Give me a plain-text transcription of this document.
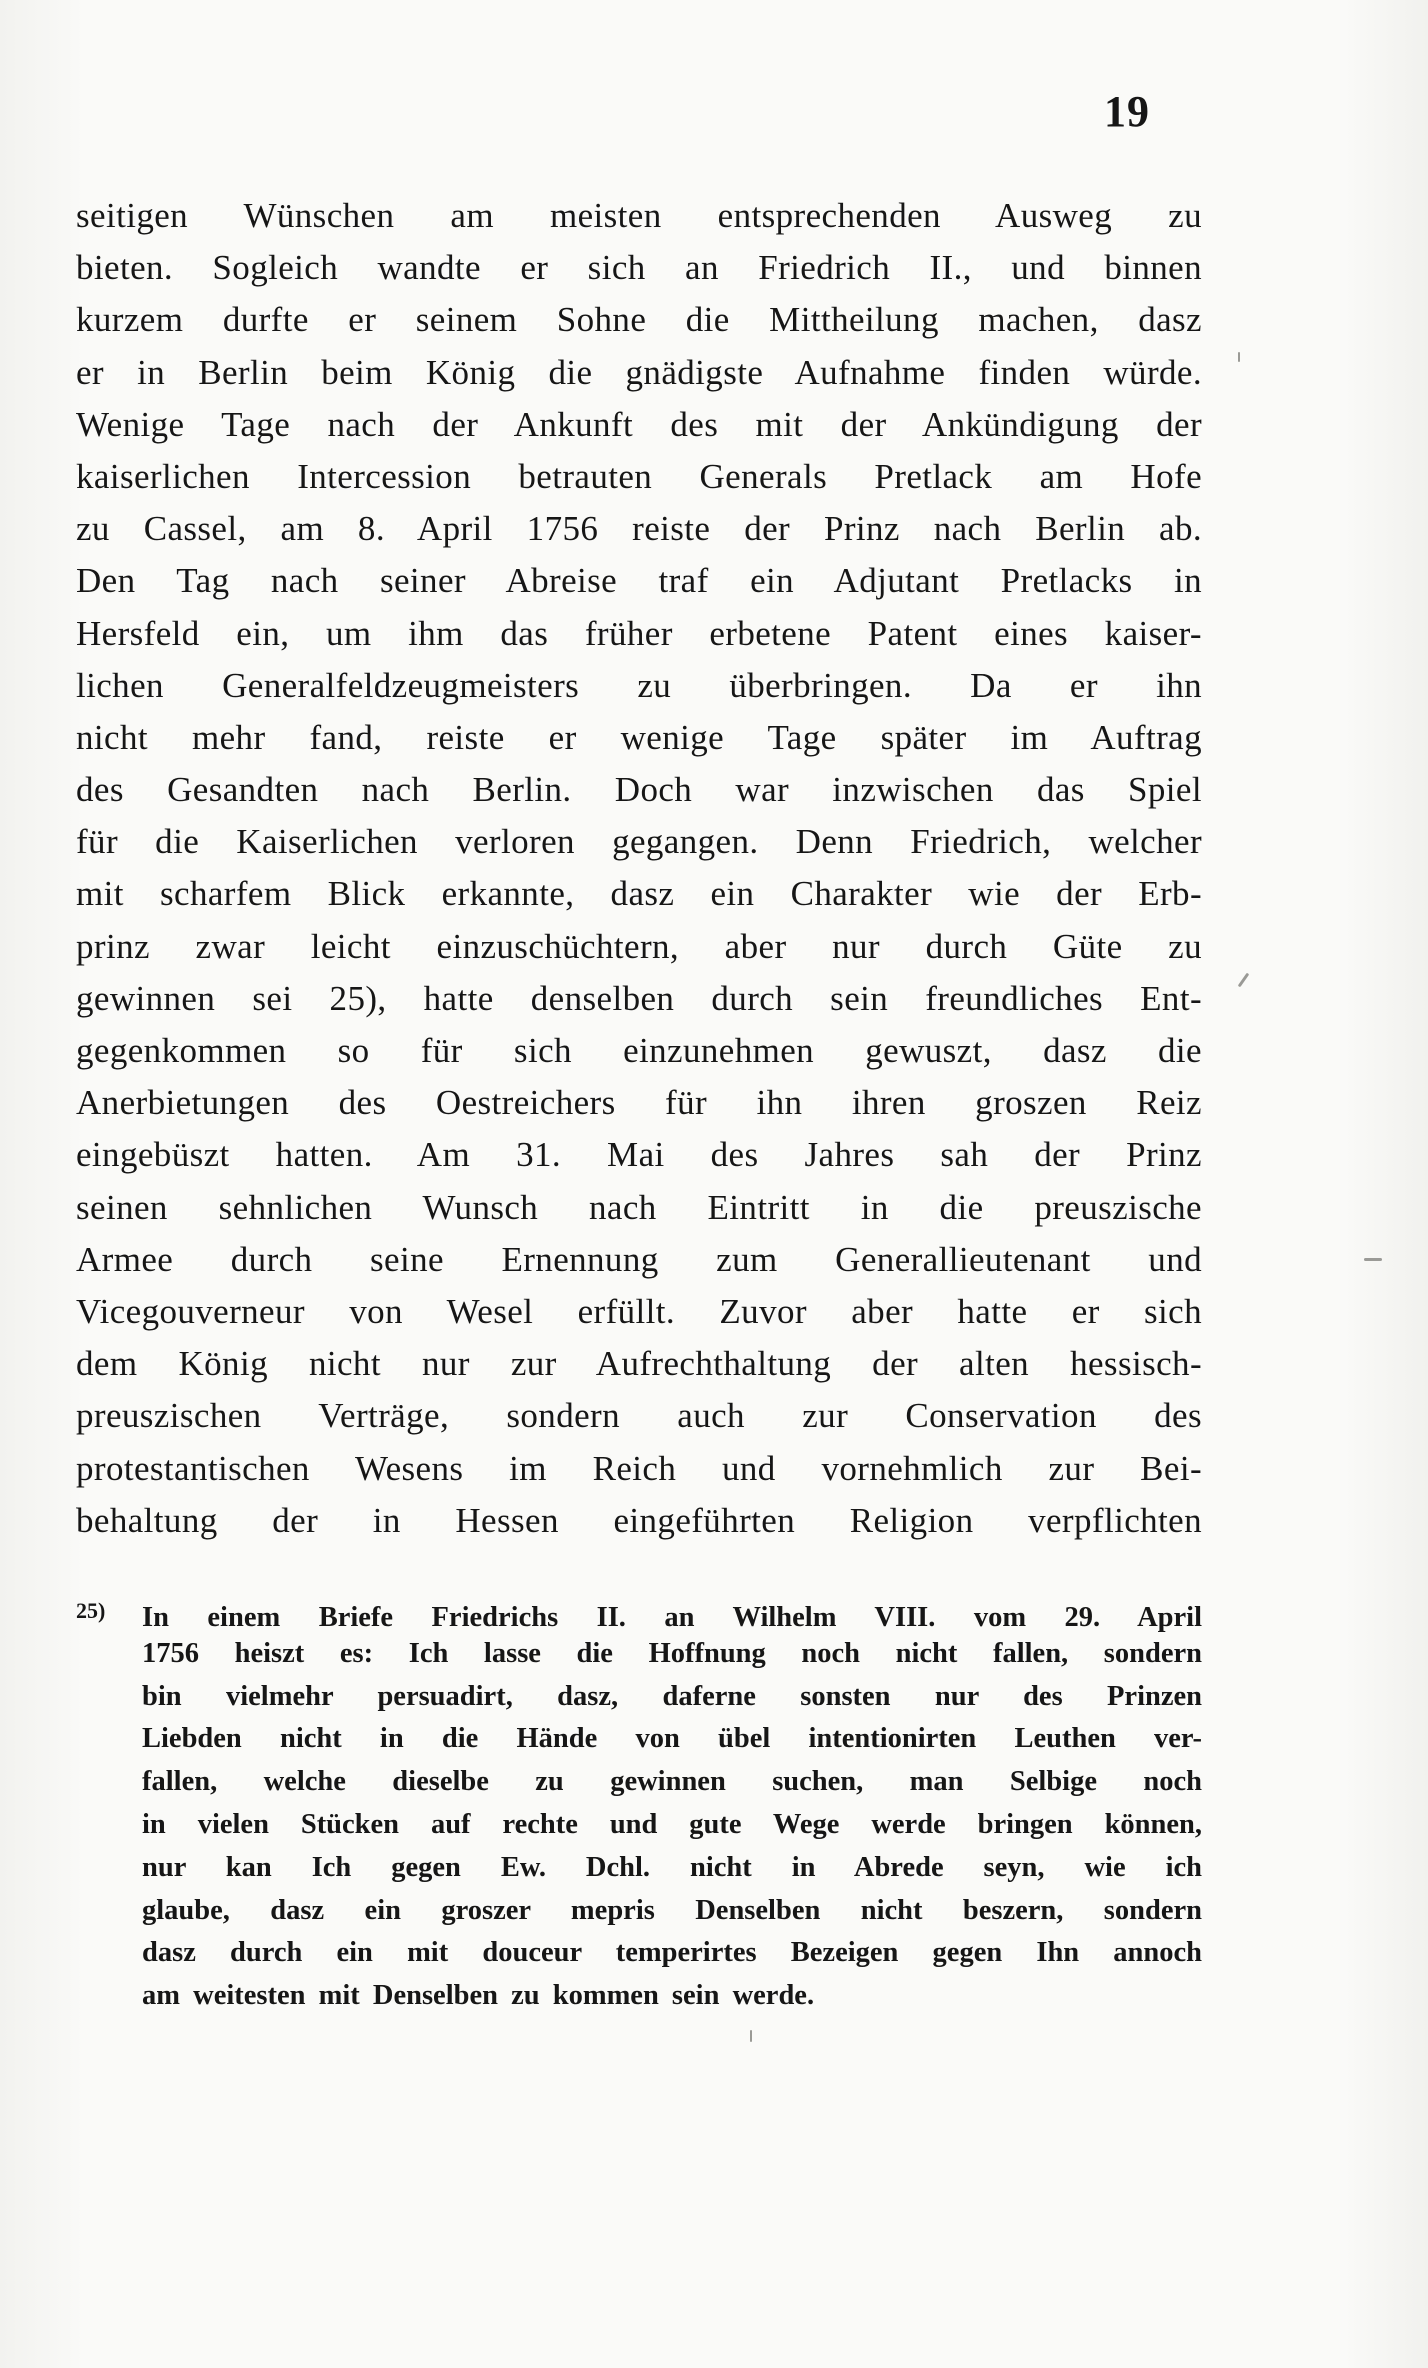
19
seitigen Wünschen am meisten entsprechenden Ausweg zu
bieten. Sogleich wandte er sich an Friedrich II., und binnen
kurzem durfte er seinem Sohne die Mittheilung machen, dasz
er in Berlin beim König die gnädigste Aufnahme finden würde.
Wenige Tage nach der Ankunft des mit der Ankündigung der
kaiserlichen Intercession betrauten Generals Pretlack am Hofe
zu Cassel, am 8. April 1756 reiste der Prinz nach Berlin ab.
Den Tag nach seiner Abreise traf ein Adjutant Pretlacks in
Hersfeld ein, um ihm das früher erbetene Patent eines kaiser-
lichen Generalfeldzeugmeisters zu überbringen. Da er ihn
nicht mehr fand, reiste er wenige Tage später im Auftrag
des Gesandten nach Berlin. Doch war inzwischen das Spiel
für die Kaiserlichen verloren gegangen. Denn Friedrich, welcher
mit scharfem Blick erkannte, dasz ein Charakter wie der Erb-
prinz zwar leicht einzuschüchtern, aber nur durch Güte zu
gewinnen sei 25), hatte denselben durch sein freundliches Ent-
gegenkommen so für sich einzunehmen gewuszt, dasz die
Anerbietungen des Oestreichers für ihn ihren groszen Reiz
eingebüszt hatten. Am 31. Mai des Jahres sah der Prinz
seinen sehnlichen Wunsch nach Eintritt in die preuszische
Armee durch seine Ernennung zum Generallieutenant und
Vicegouverneur von Wesel erfüllt. Zuvor aber hatte er sich
dem König nicht nur zur Aufrechthaltung der alten hessisch-
preuszischen Verträge, sondern auch zur Conservation des
protestantischen Wesens im Reich und vornehmlich zur Bei-
behaltung der in Hessen eingeführten Religion verpflichten
25) In einem Briefe Friedrichs II. an Wilhelm VIII. vom 29. April
1756 heiszt es: Ich lasse die Hoffnung noch nicht fallen, sondern
bin vielmehr persuadirt, dasz, daferne sonsten nur des Prinzen
Liebden nicht in die Hände von übel intentionirten Leuthen ver-
fallen, welche dieselbe zu gewinnen suchen, man Selbige noch
in vielen Stücken auf rechte und gute Wege werde bringen können,
nur kan Ich gegen Ew. Dchl. nicht in Abrede seyn, wie ich
glaube, dasz ein groszer mepris Denselben nicht beszern, sondern
dasz durch ein mit douceur temperirtes Bezeigen gegen Ihn annoch
am weitesten mit Denselben zu kommen sein werde.
